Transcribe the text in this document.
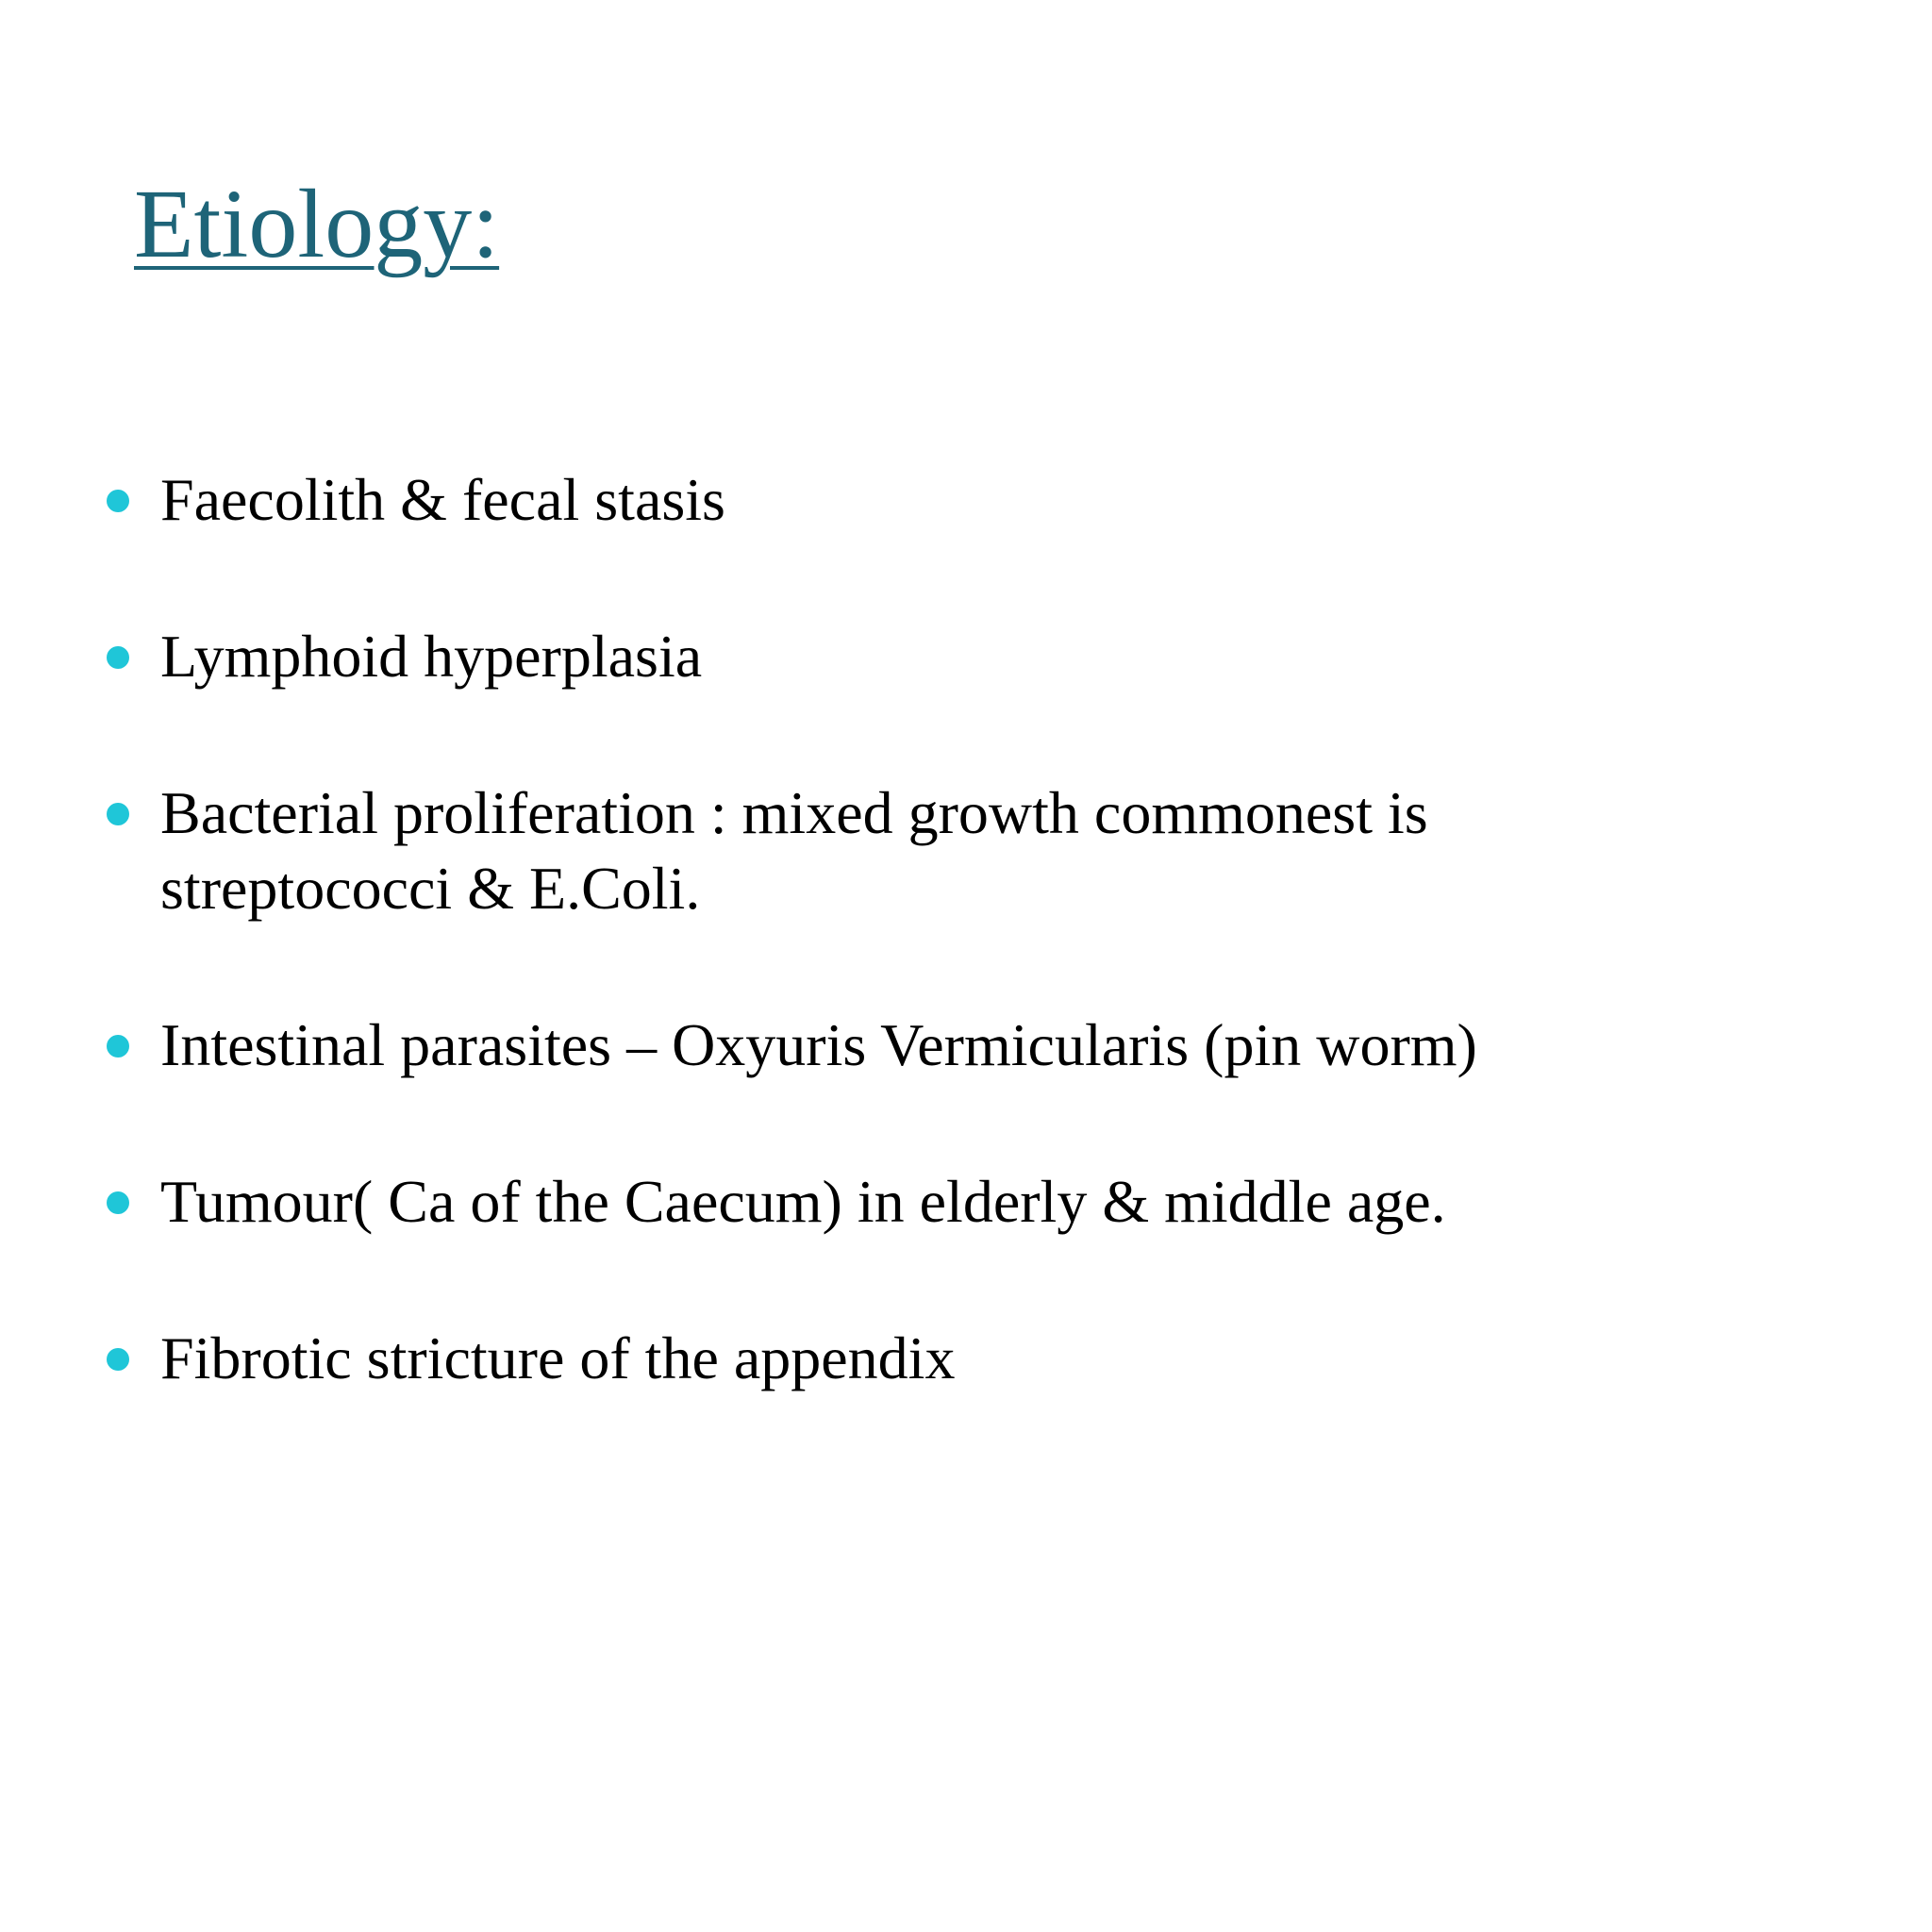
Etiology:
Faecolith & fecal stasis
Lymphoid hyperplasia
Bacterial proliferation : mixed growth commonest is streptococci & E.Coli.
Intestinal parasites – Oxyuris Vermicularis (pin worm)
Tumour( Ca of the Caecum) in elderly & middle age.
Fibrotic stricture of the appendix
